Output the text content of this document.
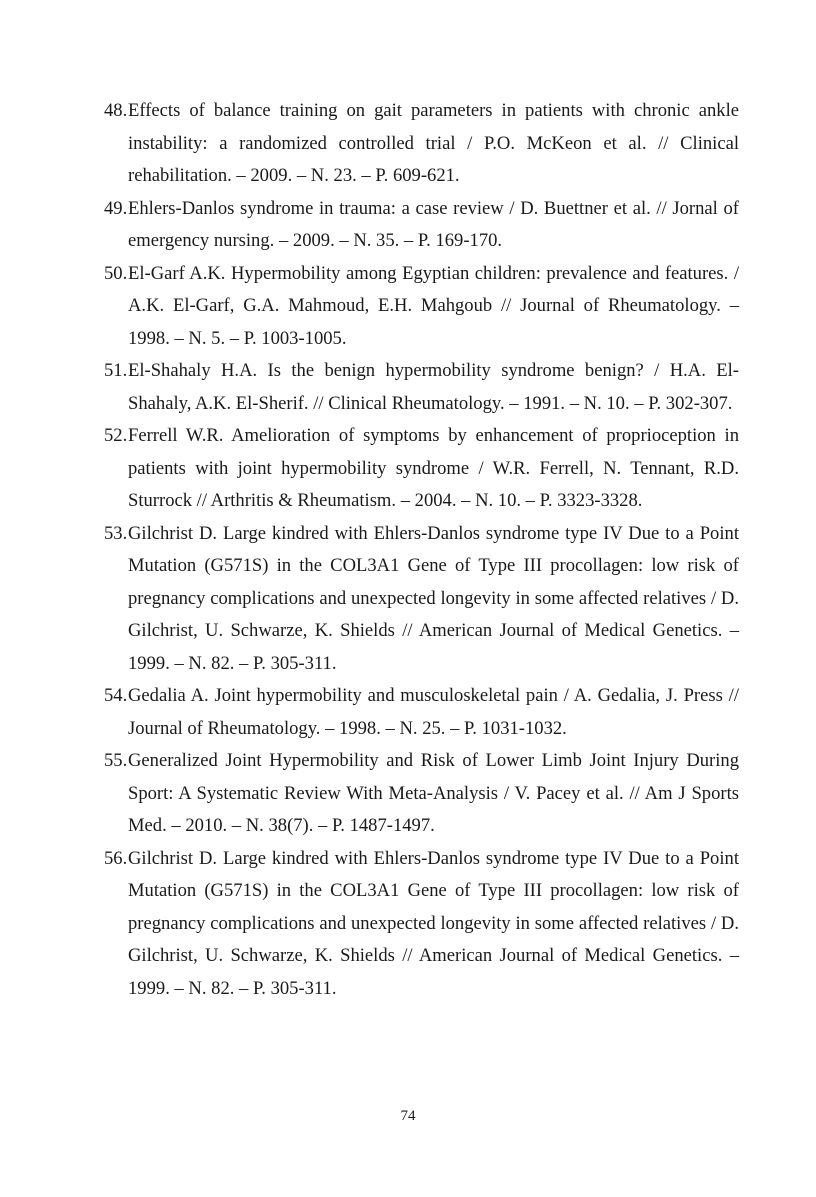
48. Effects of balance training on gait parameters in patients with chronic ankle instability: a randomized controlled trial / P.O. McKeon et al. // Clinical rehabilitation. – 2009. – N. 23. – P. 609-621.
49. Ehlers-Danlos syndrome in trauma: a case review / D. Buettner et al. // Jornal of emergency nursing. – 2009. – N. 35. – P. 169-170.
50. El-Garf A.K. Hypermobility among Egyptian children: prevalence and features. / A.K. El-Garf, G.A. Mahmoud, E.H. Mahgoub // Journal of Rheumatology. – 1998. – N. 5. – P. 1003-1005.
51. El-Shahaly H.A. Is the benign hypermobility syndrome benign? / H.A. El-Shahaly, A.K. El-Sherif. // Clinical Rheumatology. – 1991. – N. 10. – P. 302-307.
52. Ferrell W.R. Amelioration of symptoms by enhancement of proprioception in patients with joint hypermobility syndrome / W.R. Ferrell, N. Tennant, R.D. Sturrock // Arthritis & Rheumatism. – 2004. – N. 10. – P. 3323-3328.
53. Gilchrist D. Large kindred with Ehlers-Danlos syndrome type IV Due to a Point Mutation (G571S) in the COL3A1 Gene of Type III procollagen: low risk of pregnancy complications and unexpected longevity in some affected relatives / D. Gilchrist, U. Schwarze, K. Shields // American Journal of Medical Genetics. – 1999. – N. 82. – P. 305-311.
54. Gedalia A. Joint hypermobility and musculoskeletal pain / A. Gedalia, J. Press // Journal of Rheumatology. – 1998. – N. 25. – P. 1031-1032.
55. Generalized Joint Hypermobility and Risk of Lower Limb Joint Injury During Sport: A Systematic Review With Meta-Analysis / V. Pacey et al. // Am J Sports Med. – 2010. – N. 38(7). – P. 1487-1497.
56. Gilchrist D. Large kindred with Ehlers-Danlos syndrome type IV Due to a Point Mutation (G571S) in the COL3A1 Gene of Type III procollagen: low risk of pregnancy complications and unexpected longevity in some affected relatives / D. Gilchrist, U. Schwarze, K. Shields // American Journal of Medical Genetics. – 1999. – N. 82. – P. 305-311.
74
